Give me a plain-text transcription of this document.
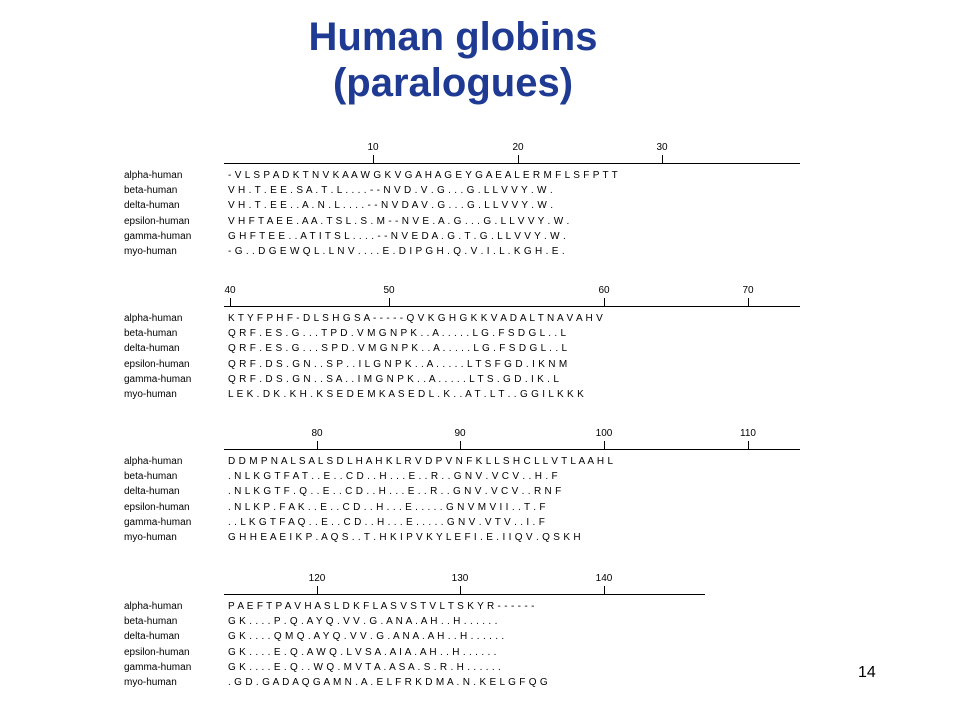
Human globins
(paralogues)
10	20	30
alpha-human	- V L S P A D K T N V K A A W G K V G A H A G E Y G A E A L E R M F L S F P T T
beta-human	V H . T . E E . S A . T . L . . . . - - N V D . V . G . . . G . L L V V Y . W .
delta-human	V H . T . E E . . A . N . L . . . . - - N V D A V . G . . . G . L L V V Y . W .
epsilon-human	V H F T A E E . A A . T S L . S . M - - N V E . A . G . . . G . L L V V Y . W .
gamma-human	G H F T E E . . A T I T S L . . . . - - N V E D A . G . T . G . L L V V Y . W .
myo-human	- G . . D G E W Q L . L N V . . . . E . D I P G H . Q . V . I . L . K G H . E .
40	50	60	70
alpha-human	K T Y F P H F - D L S H G S A - - - - - Q V K G H G K K V A D A L T N A V A H V
beta-human	Q R F . E S . G . . . T P D . V M G N P K . . A . . . . . L G . F S D G L . . L
delta-human	Q R F . E S . G . . . S P D . V M G N P K . . A . . . . . L G . F S D G L . . L
epsilon-human	Q R F . D S . G N . . S P . . I L G N P K . . A . . . . . L T S F G D . I K N M
gamma-human	Q R F . D S . G N . . S A . . I M G N P K . . A . . . . . L T S . G D . I K . L
myo-human	L E K . D K . K H . K S E D E M K A S E D L . K . . A T . L T . . G G I L K K K
80	90	100	110
alpha-human	D D M P N A L S A L S D L H A H K L R V D P V N F K L L S H C L L V T L A A H L
beta-human	. N L K G T F A T . . E . . C D . . H . . . E . . R . . G N V . V C V . . H . F
delta-human	. N L K G T F . Q . . E . . C D . . H . . . E . . R . . G N V . V C V . . R N F
epsilon-human	. N L K P . F A K . . E . . C D . . H . . . E . . . . . G N V M V I I . . T . F
gamma-human	. . L K G T F A Q . . E . . C D . . H . . . E . . . . . G N V . V T V . . I . F
myo-human	G H H E A E I K P . A Q S . . T . H K I P V K Y L E F I . E . I I Q V . Q S K H
120	130	140
alpha-human	P A E F T P A V H A S L D K F L A S V S T V L T S K Y R - - - - - -
beta-human	G K . . . . P . Q . A Y Q . V V . G . A N A . A H . . H . . . . . .
delta-human	G K . . . . Q M Q . A Y Q . V V . G . A N A . A H . . H . . . . . .
epsilon-human	G K . . . . E . Q . A W Q . L V S A . A I A . A H . . H . . . . . .
gamma-human	G K . . . . E . Q . . W Q . M V T A . A S A . S . R . H . . . . . .
myo-human	. G D . G A D A Q G A M N . A . E L F R K D M A . N . K E L G F Q G
14
